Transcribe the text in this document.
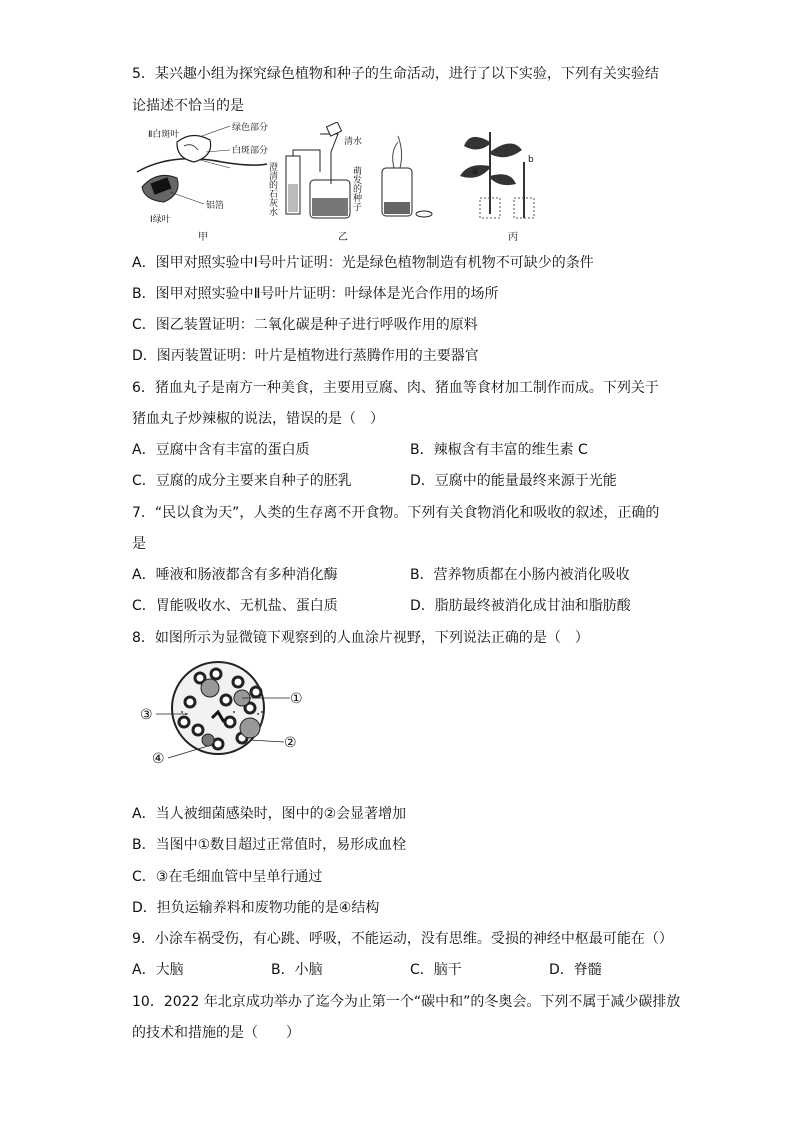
5．某兴趣小组为探究绿色植物和种子的生命活动，进行了以下实验，下列有关实验结
论描述不恰当的是
Ⅱ白斑叶
绿色部分
白斑部分
铝箔
Ⅰ绿叶
甲
澄清的石灰水
清水
萌发的种子
乙
a
b
丙
A．图甲对照实验中Ⅰ号叶片证明：光是绿色植物制造有机物不可缺少的条件
B．图甲对照实验中Ⅱ号叶片证明：叶绿体是光合作用的场所
C．图乙装置证明：二氧化碳是种子进行呼吸作用的原料
D．图丙装置证明：叶片是植物进行蒸腾作用的主要器官
6．猪血丸子是南方一种美食，主要用豆腐、肉、猪血等食材加工制作而成。下列关于
猪血丸子炒辣椒的说法，错误的是（　）
A．豆腐中含有丰富的蛋白质	B．辣椒含有丰富的维生素 C
C．豆腐的成分主要来自种子的胚乳	D．豆腐中的能量最终来源于光能
7．“民以食为天”，人类的生存离不开食物。下列有关食物消化和吸收的叙述，正确的
是
A．唾液和肠液都含有多种消化酶	B．营养物质都在小肠内被消化吸收
C．胃能吸收水、无机盐、蛋白质	D．脂肪最终被消化成甘油和脂肪酸
8．如图所示为显微镜下观察到的人血涂片视野，下列说法正确的是（　）
①
②
③
④
A．当人被细菌感染时，图中的②会显著增加
B．当图中①数目超过正常值时，易形成血栓
C．③在毛细血管中呈单行通过
D．担负运输养料和废物功能的是④结构
9．小涂车祸受伤，有心跳、呼吸，不能运动，没有思维。受损的神经中枢最可能在（）
A．大脑	B．小脑	C．脑干	D．脊髓
10．2022 年北京成功举办了迄今为止第一个“碳中和”的冬奥会。下列不属于减少碳排放
的技术和措施的是（　　）
